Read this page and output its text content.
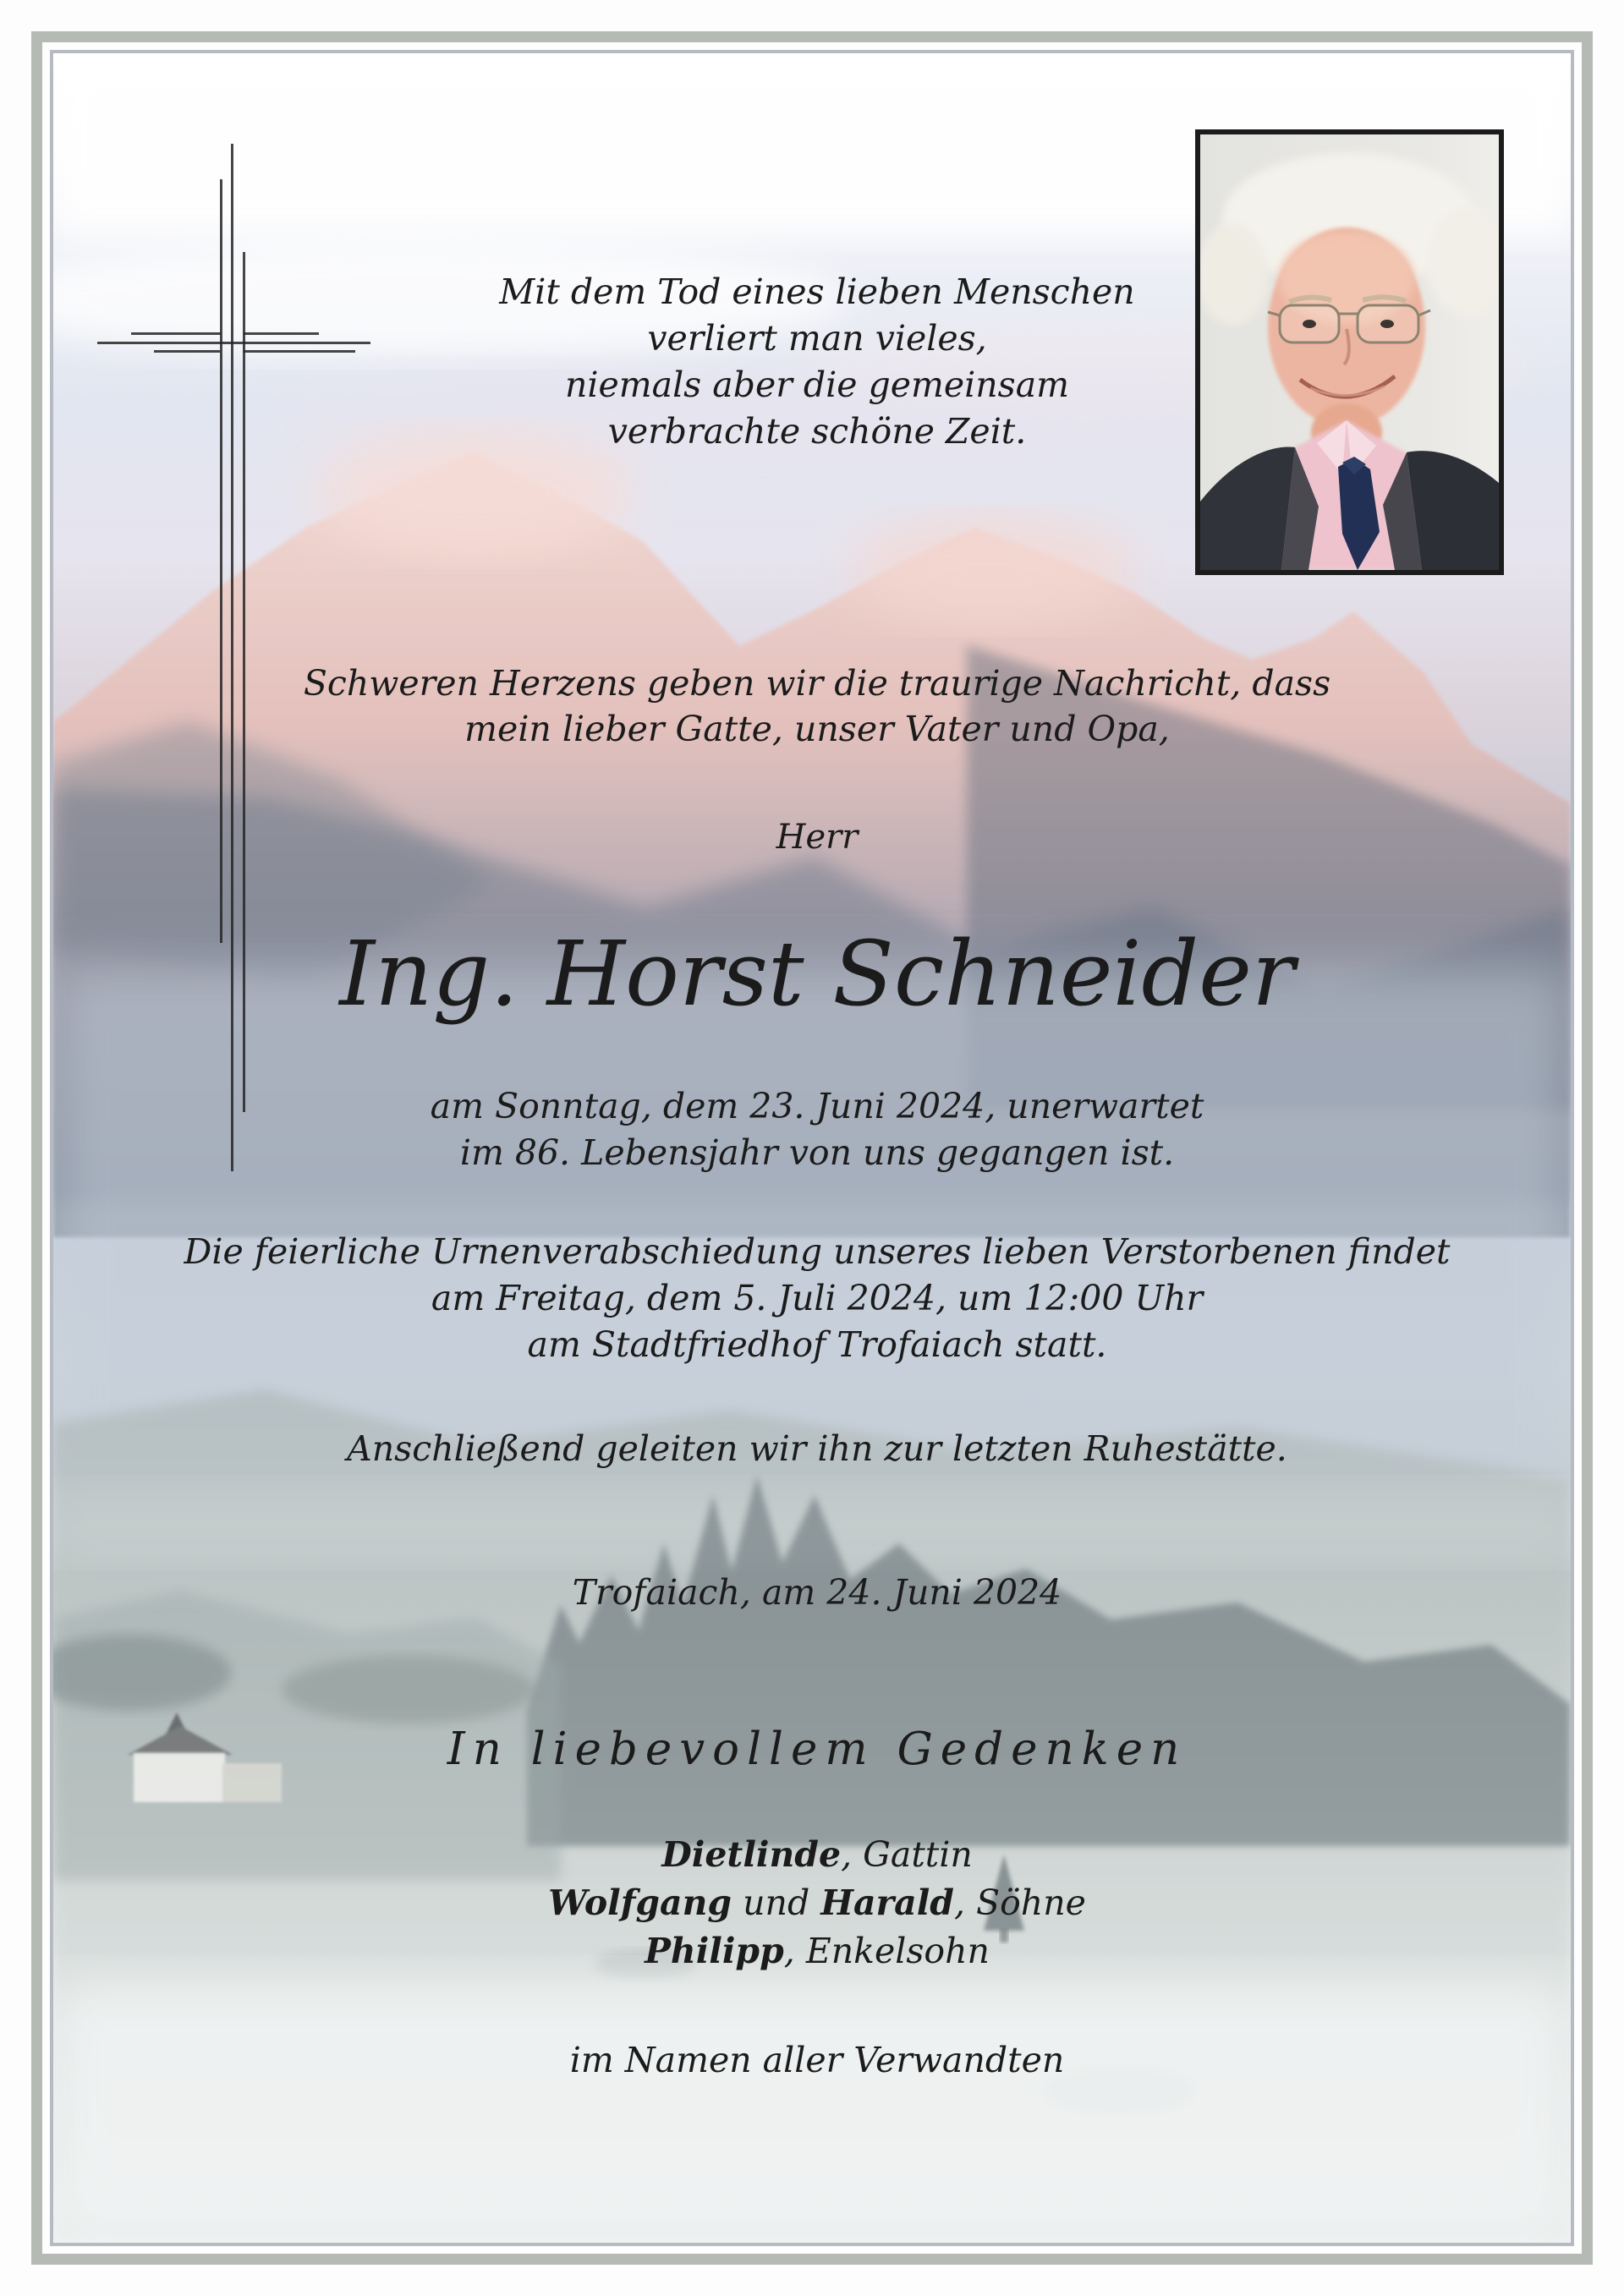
Mit dem Tod eines lieben Menschen
verliert man vieles,
niemals aber die gemeinsam
verbrachte schöne Zeit.
Schweren Herzens geben wir die traurige Nachricht, dass
mein lieber Gatte, unser Vater und Opa,
Herr
Ing. Horst Schneider
am Sonntag, dem 23. Juni 2024, unerwartet
im 86. Lebensjahr von uns gegangen ist.
Die feierliche Urnenverabschiedung unseres lieben Verstorbenen findet
am Freitag, dem 5. Juli 2024, um 12:00 Uhr
am Stadtfriedhof Trofaiach statt.
Anschließend geleiten wir ihn zur letzten Ruhestätte.
Trofaiach, am 24. Juni 2024
In liebevollem Gedenken
Dietlinde, Gattin
Wolfgang und Harald, Söhne
Philipp, Enkelsohn
im Namen aller Verwandten
